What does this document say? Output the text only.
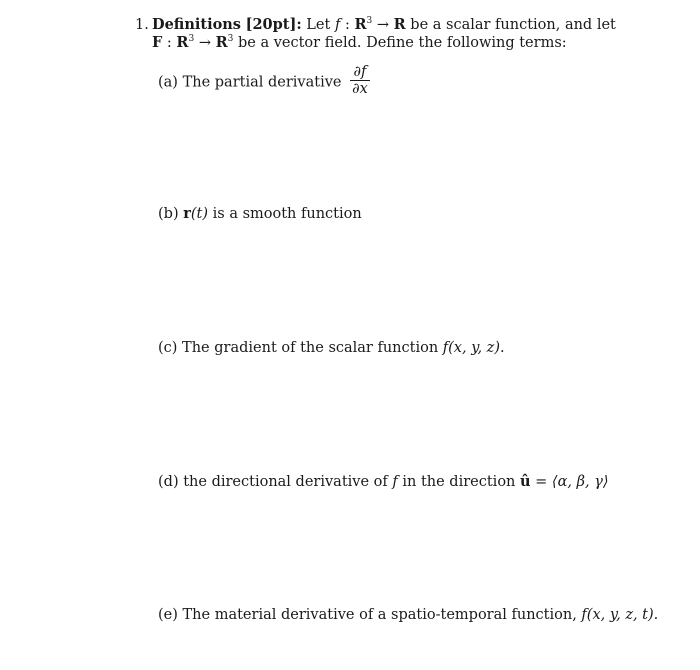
1. Definitions [20pt]: Let f : $R^3 \to R$ be a scalar function, and let
F : $R^3 \to R^3$ be a vector field. Define the following terms:
(a) The partial derivative $\frac{\partial f}{\partial x}$
(b) r(t) is a smooth function
(c) The gradient of the scalar function f(x, y, z).
(d) the directional derivative of f in the direction û = ⟨α, β, γ⟩
(e) The material derivative of a spatio-temporal function, f(x, y, z, t).
